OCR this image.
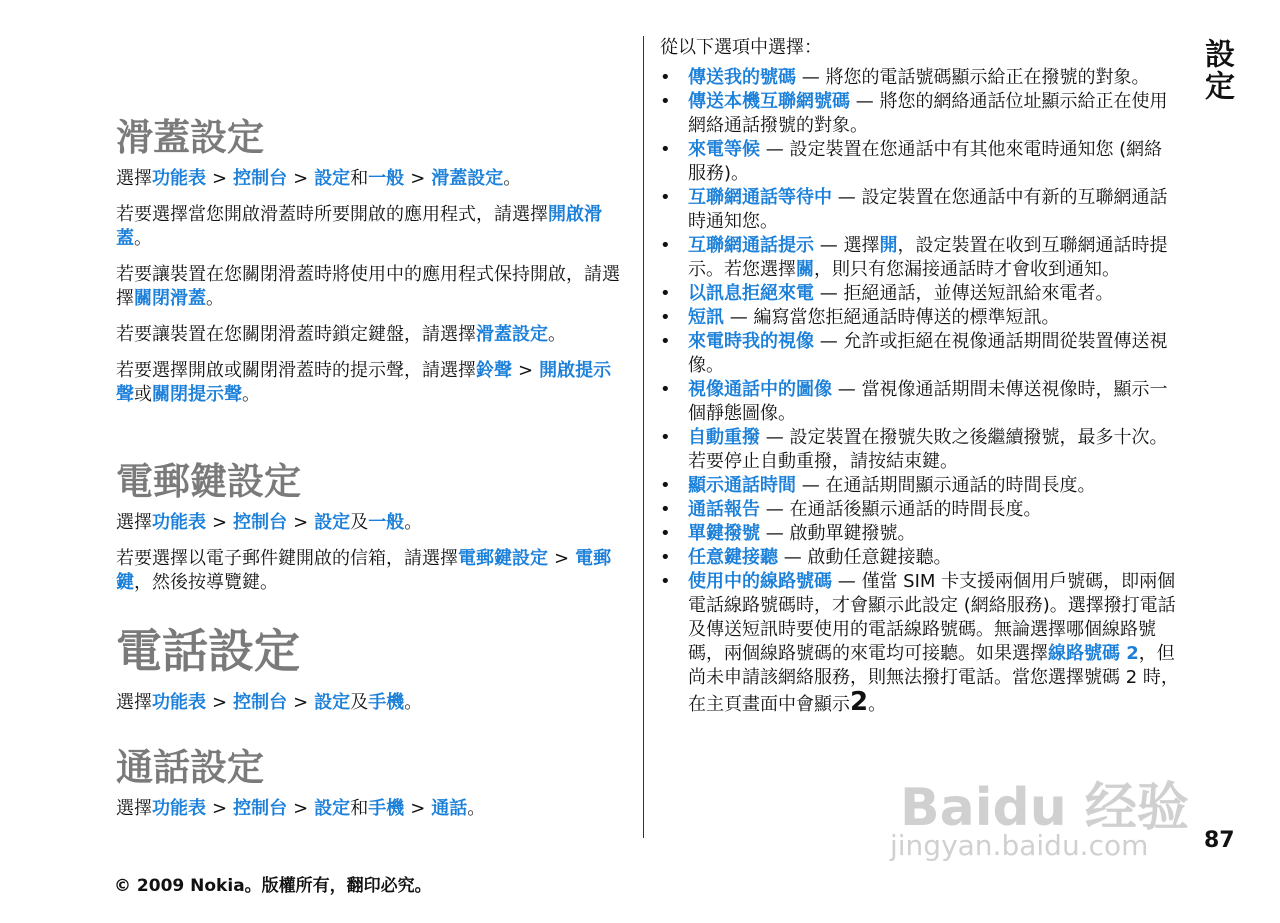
設定
滑蓋設定

選擇功能表 > 控制台 > 設定和一般 > 滑蓋設定。

若要選擇當您開啟滑蓋時所要開啟的應用程式，請選擇開啟滑蓋。

若要讓裝置在您關閉滑蓋時將使用中的應用程式保持開啟，請選擇關閉滑蓋。

若要讓裝置在您關閉滑蓋時鎖定鍵盤，請選擇滑蓋設定。

若要選擇開啟或關閉滑蓋時的提示聲，請選擇鈴聲 > 開啟提示聲或關閉提示聲。

電郵鍵設定

選擇功能表 > 控制台 > 設定及一般。

若要選擇以電子郵件鍵開啟的信箱，請選擇電郵鍵設定 > 電郵鍵，然後按導覽鍵。

電話設定

選擇功能表 > 控制台 > 設定及手機。

通話設定

選擇功能表 > 控制台 > 設定和手機 > 通話。

從以下選項中選擇：

• 傳送我的號碼 — 將您的電話號碼顯示給正在撥號的對象。
• 傳送本機互聯網號碼 — 將您的網絡通話位址顯示給正在使用網絡通話撥號的對象。
• 來電等候 — 設定裝置在您通話中有其他來電時通知您 (網絡服務)。
• 互聯網通話等待中 — 設定裝置在您通話中有新的互聯網通話時通知您。
• 互聯網通話提示 — 選擇開，設定裝置在收到互聯網通話時提示。若您選擇關，則只有您漏接通話時才會收到通知。
• 以訊息拒絕來電 — 拒絕通話，並傳送短訊給來電者。
• 短訊 — 編寫當您拒絕通話時傳送的標準短訊。
• 來電時我的視像 — 允許或拒絕在視像通話期間從裝置傳送視像。
• 視像通話中的圖像 — 當視像通話期間未傳送視像時，顯示一個靜態圖像。
• 自動重撥 — 設定裝置在撥號失敗之後繼續撥號，最多十次。若要停止自動重撥，請按結束鍵。
• 顯示通話時間 — 在通話期間顯示通話的時間長度。
• 通話報告 — 在通話後顯示通話的時間長度。
• 單鍵撥號 — 啟動單鍵撥號。
• 任意鍵接聽 — 啟動任意鍵接聽。
• 使用中的線路號碼 — 僅當 SIM 卡支援兩個用戶號碼，即兩個電話線路號碼時，才會顯示此設定 (網絡服務)。選擇撥打電話及傳送短訊時要使用的電話線路號碼。無論選擇哪個線路號碼，兩個線路號碼的來電均可接聽。如果選擇線路號碼 2，但尚未申請該網絡服務，則無法撥打電話。當您選擇號碼 2 時，在主頁畫面中會顯示2。
Baidu 经验
jingyan.baidu.com	87
© 2009 Nokia。版權所有，翻印必究。
